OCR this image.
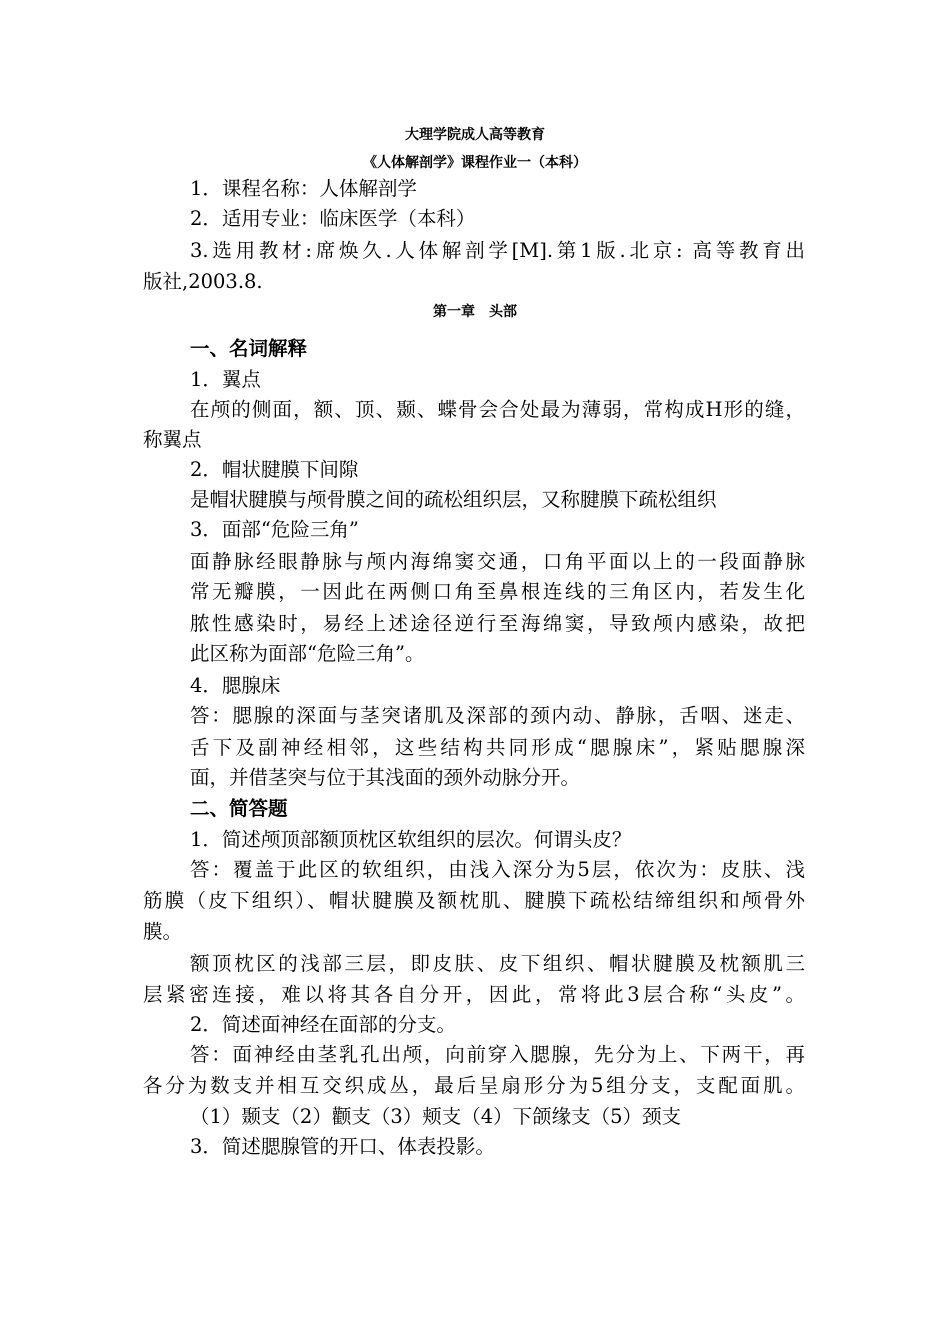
大理学院成人高等教育
《人体解剖学》课程作业一（本科）
1．课程名称：人体解剖学
2．适用专业：临床医学（本科）
3.选用教材:席焕久.人体解剖学[M].第1版.北京: 高等教育出
版社,2003.8.
第一章　头部
一、名词解释
1．翼点
在颅的侧面，额、顶、颞、蝶骨会合处最为薄弱，常构成H形的缝，
称翼点
2．帽状腱膜下间隙
是帽状腱膜与颅骨膜之间的疏松组织层，又称腱膜下疏松组织
3．面部“危险三角”
面静脉经眼静脉与颅内海绵窦交通，口角平面以上的一段面静脉
常无瓣膜，一因此在两侧口角至鼻根连线的三角区内，若发生化
脓性感染时，易经上述途径逆行至海绵窦，导致颅内感染，故把
此区称为面部“危险三角”。
4．腮腺床
答：腮腺的深面与茎突诸肌及深部的颈内动、静脉，舌咽、迷走、
舌下及副神经相邻，这些结构共同形成“腮腺床”，紧贴腮腺深
面，并借茎突与位于其浅面的颈外动脉分开。
二、简答题
1．简述颅顶部额顶枕区软组织的层次。何谓头皮？
答：覆盖于此区的软组织，由浅入深分为5层，依次为：皮肤、浅
筋膜（皮下组织）、帽状腱膜及额枕肌、腱膜下疏松结缔组织和颅骨外
膜。
额顶枕区的浅部三层，即皮肤、皮下组织、帽状腱膜及枕额肌三
层紧密连接，难以将其各自分开，因此，常将此3层合称“头皮”。
2．简述面神经在面部的分支。
答：面神经由茎乳孔出颅，向前穿入腮腺，先分为上、下两干，再
各分为数支并相互交织成丛，最后呈扇形分为5组分支，支配面肌。
（1）颞支（2）颧支（3）颊支（4）下颌缘支（5）颈支
3．简述腮腺管的开口、体表投影。
